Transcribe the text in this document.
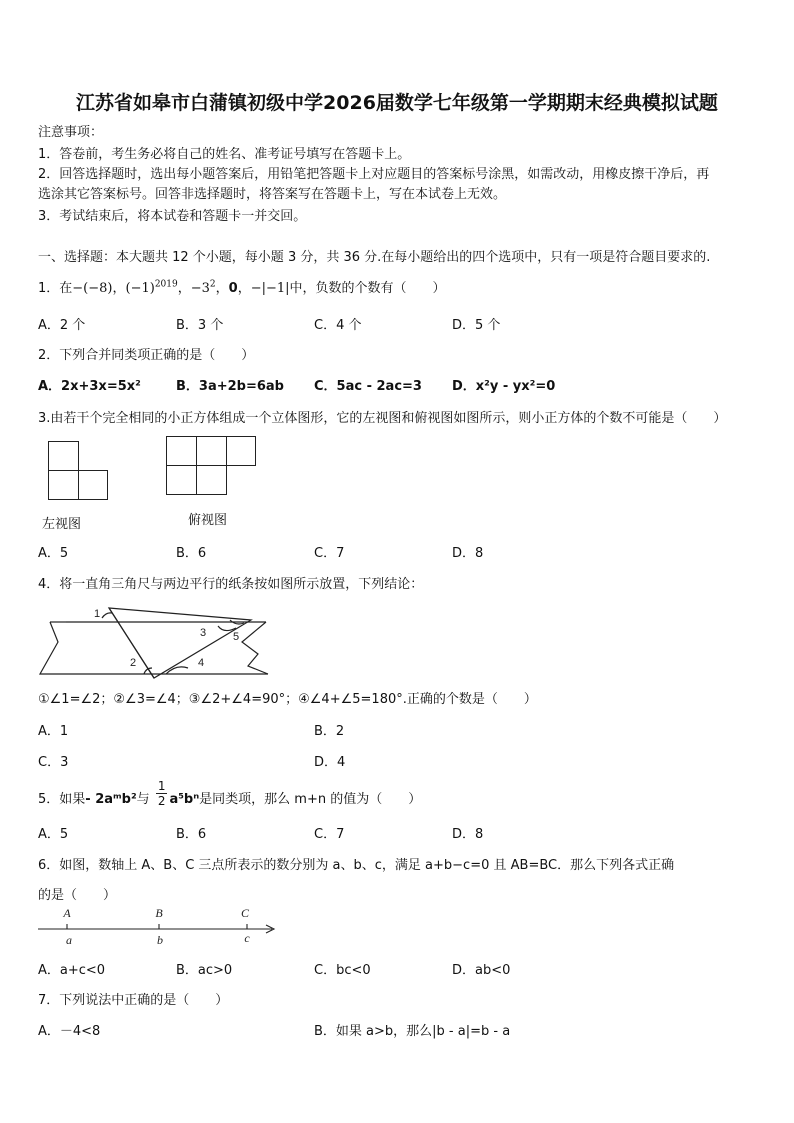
江苏省如皋市白蒲镇初级中学2026届数学七年级第一学期期末经典模拟试题
注意事项：
1．答卷前，考生务必将自己的姓名、准考证号填写在答题卡上。
2．回答选择题时，选出每小题答案后，用铅笔把答题卡上对应题目的答案标号涂黑，如需改动，用橡皮擦干净后，再
选涂其它答案标号。回答非选择题时，将答案写在答题卡上，写在本试卷上无效。
3．考试结束后，将本试卷和答题卡一并交回。
一、选择题：本大题共 12 个小题，每小题 3 分，共 36 分.在每小题给出的四个选项中，只有一项是符合题目要求的.
1．在−(−8)，$(-1)^{2019}$，$-3^2$，0，−|−1|中，负数的个数有（　　）
A．2 个	B．3 个	C．4 个	D．5 个
2．下列合并同类项正确的是（　　）
A．2x+3x=5x²	B．3a+2b=6ab C．5ac - 2ac=3 D．x²y - yx²=0
3.由若干个完全相同的小正方体组成一个立体图形，它的左视图和俯视图如图所示，则小正方体的个数不可能是（　　）
左视图	俯视图
A．5	B．6	C．7	D．8
4．将一直角三角尺与两边平行的纸条按如图所示放置，下列结论：
1
2
3
4
5
①∠1=∠2；②∠3=∠4；③∠2+∠4=90°；④∠4+∠5=180°.正确的个数是（　　）
A．1	B．2
C．3	D．4
5．如果- 2aᵐb²与 $\frac{1}{2} a^5b^n$是同类项，那么 m+n 的值为（　　）
A．5	B．6	C．7	D．8
6．如图，数轴上 A、B、C 三点所表示的数分别为 a、b、c，满足 a+b−c=0 且 AB=BC．那么下列各式正确
的是（　　）
A	B	C
a	b	c
A．a+c<0	B．ac>0	C．bc<0	D．ab<0
7．下列说法中正确的是（　　）
A．－4<8	B．如果 a>b，那么|b - a|=b - a
